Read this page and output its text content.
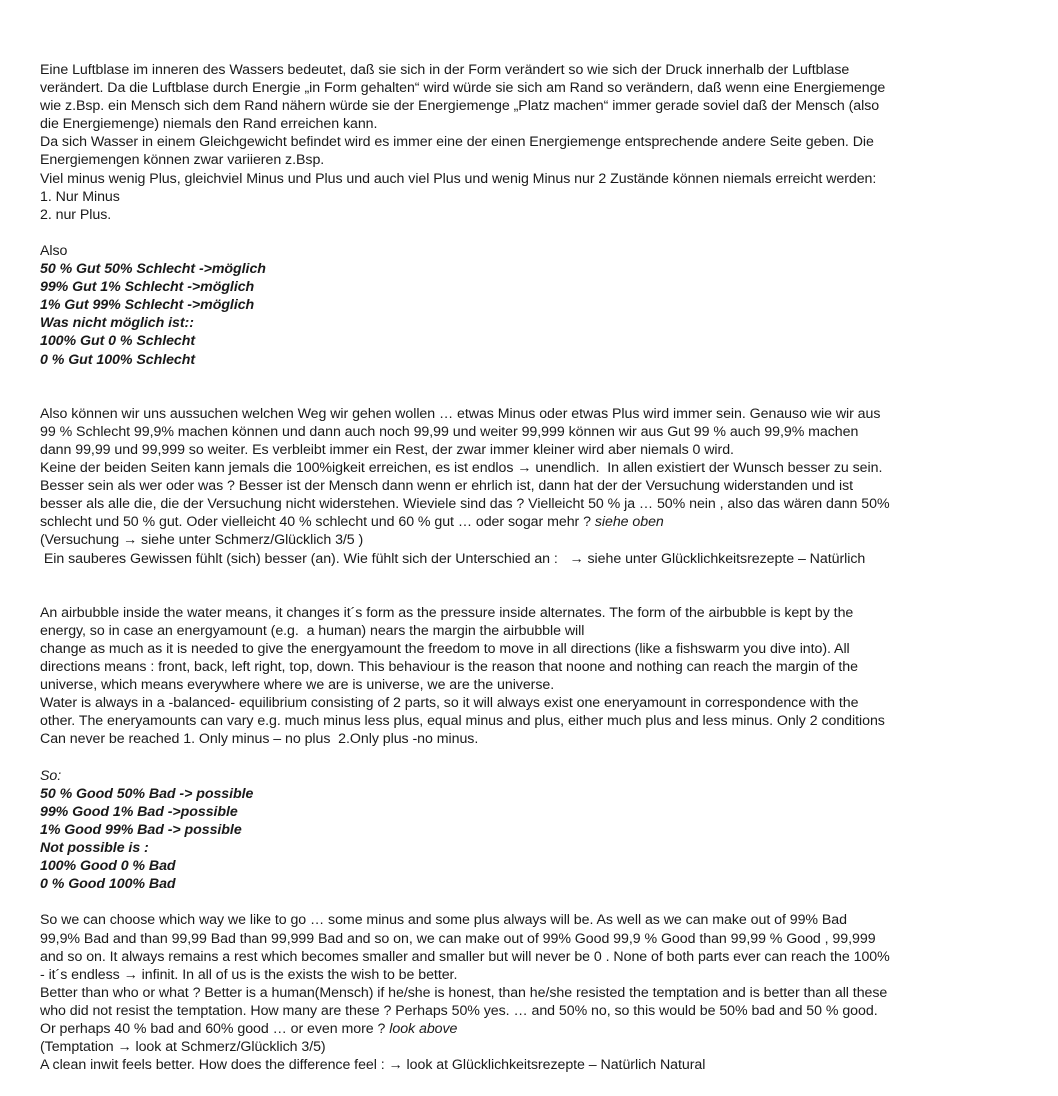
Eine Luftblase im inneren des Wassers bedeutet, daß sie sich in der Form verändert so wie sich der Druck innerhalb der Luftblase
verändert. Da die Luftblase durch Energie „in Form gehalten“ wird würde sie sich am Rand so verändern, daß wenn eine Energiemenge
wie z.Bsp. ein Mensch sich dem Rand nähern würde sie der Energiemenge „Platz machen“ immer gerade soviel daß der Mensch (also
die Energiemenge) niemals den Rand erreichen kann.
Da sich Wasser in einem Gleichgewicht befindet wird es immer eine der einen Energiemenge entsprechende andere Seite geben. Die
Energiemengen können zwar variieren z.Bsp.
Viel minus wenig Plus, gleichviel Minus und Plus und auch viel Plus und wenig Minus nur 2 Zustände können niemals erreicht werden:
1. Nur Minus
2. nur Plus.
Also
50 % Gut 50% Schlecht ->möglich
99% Gut 1% Schlecht ->möglich
1% Gut 99% Schlecht ->möglich
Was nicht möglich ist::
100% Gut 0 % Schlecht
0 % Gut 100% Schlecht
Also können wir uns aussuchen welchen Weg wir gehen wollen … etwas Minus oder etwas Plus wird immer sein. Genauso wie wir aus
99 % Schlecht 99,9% machen können und dann auch noch 99,99 und weiter 99,999 können wir aus Gut 99 % auch 99,9% machen
dann 99,99 und 99,999 so weiter. Es verbleibt immer ein Rest, der zwar immer kleiner wird aber niemals 0 wird.
Keine der beiden Seiten kann jemals die 100%igkeit erreichen, es ist endlos → unendlich.  In allen existiert der Wunsch besser zu sein.
Besser sein als wer oder was ? Besser ist der Mensch dann wenn er ehrlich ist, dann hat der der Versuchung widerstanden und ist
besser als alle die, die der Versuchung nicht widerstehen. Wieviele sind das ? Vielleicht 50 % ja … 50% nein , also das wären dann 50%
schlecht und 50 % gut. Oder vielleicht 40 % schlecht und 60 % gut … oder sogar mehr ? siehe oben
(Versuchung → siehe unter Schmerz/Glücklich 3/5 )
Ein sauberes Gewissen fühlt (sich) besser (an). Wie fühlt sich der Unterschied an :   → siehe unter Glücklichkeitsrezepte – Natürlich
An airbubble inside the water means, it changes it´s form as the pressure inside alternates. The form of the airbubble is kept by the
energy, so in case an energyamount (e.g.  a human) nears the margin the airbubble will
change as much as it is needed to give the energyamount the freedom to move in all directions (like a fishswarm you dive into). All
directions means : front, back, left right, top, down. This behaviour is the reason that noone and nothing can reach the margin of the
universe, which means everywhere where we are is universe, we are the universe.
Water is always in a -balanced- equilibrium consisting of 2 parts, so it will always exist one eneryamount in correspondence with the
other. The eneryamounts can vary e.g. much minus less plus, equal minus and plus, either much plus and less minus. Only 2 conditions
Can never be reached 1. Only minus – no plus  2.Only plus -no minus.
So:
50 % Good 50% Bad -> possible
99% Good 1% Bad ->possible
1% Good 99% Bad -> possible
Not possible is :
100% Good 0 % Bad
0 % Good 100% Bad
So we can choose which way we like to go … some minus and some plus always will be. As well as we can make out of 99% Bad
99,9% Bad and than 99,99 Bad than 99,999 Bad and so on, we can make out of 99% Good 99,9 % Good than 99,99 % Good , 99,999
and so on. It always remains a rest which becomes smaller and smaller but will never be 0 . None of both parts ever can reach the 100%
- it´s endless → infinit. In all of us is the exists the wish to be better.
Better than who or what ? Better is a human(Mensch) if he/she is honest, than he/she resisted the temptation and is better than all these
who did not resist the temptation. How many are these ? Perhaps 50% yes. … and 50% no, so this would be 50% bad and 50 % good.
Or perhaps 40 % bad and 60% good … or even more ? look above
(Temptation → look at Schmerz/Glücklich 3/5)
A clean inwit feels better. How does the difference feel : → look at Glücklichkeitsrezepte – Natürlich Natural
